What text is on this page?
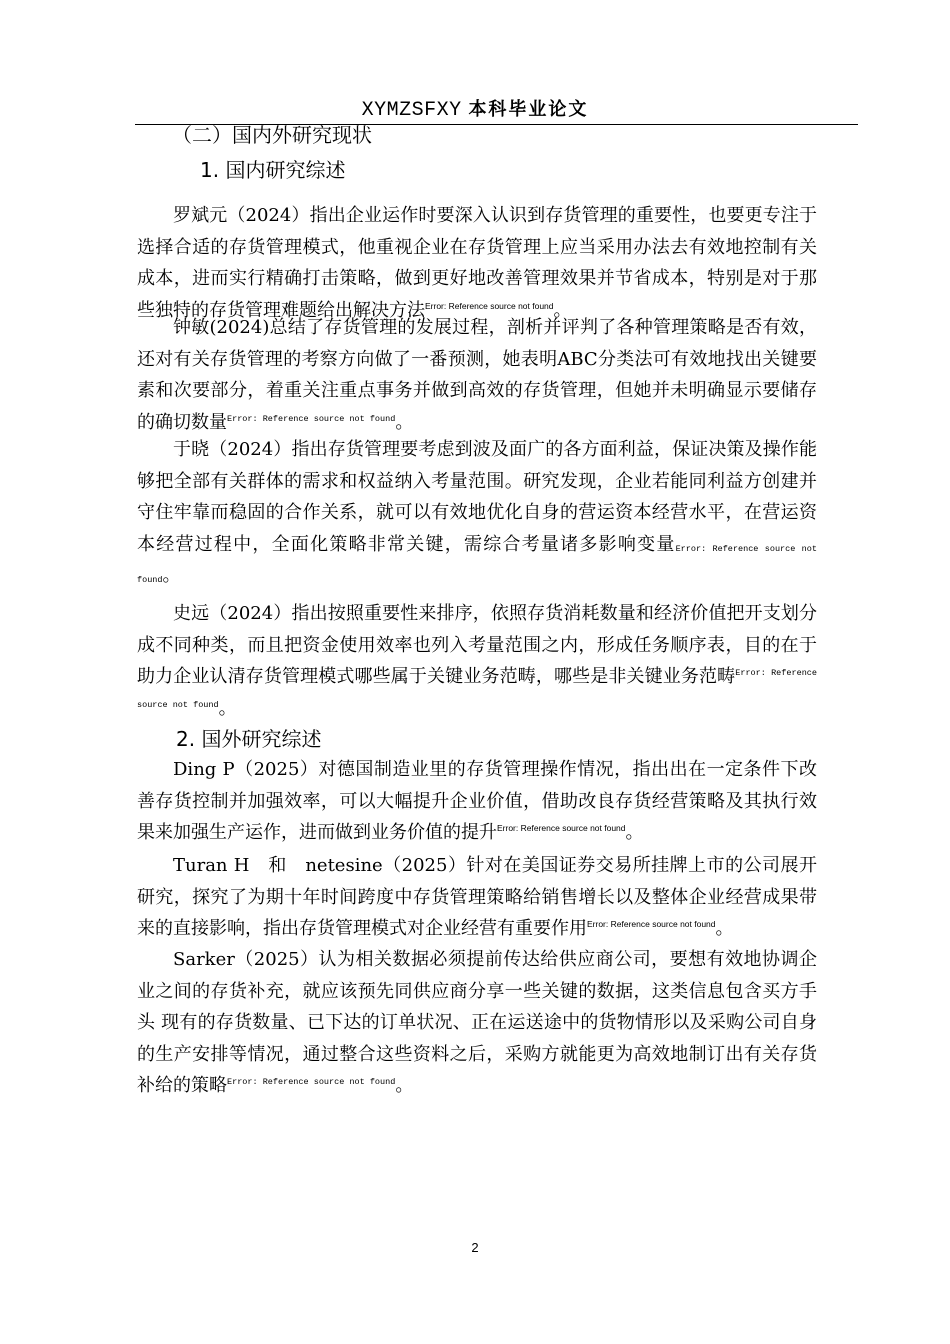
XYMZSFXY 本科毕业论文
（二）国内外研究现状
1. 国内研究综述

罗斌元（2024）指出企业运作时要深入认识到存货管理的重要性，也要更专注于选择合适的存货管理模式，他重视企业在存货管理上应当采用办法去有效地控制有关成本，进而实行精确打击策略，做到更好地改善管理效果并节省成本，特别是对于那些独特的存货管理难题给出解决方法$^{Error: Reference source not found}$。

钟敏(2024)总结了存货管理的发展过程，剖析并评判了各种管理策略是否有效，还对有关存货管理的考察方向做了一番预测，她表明ABC分类法可有效地找出关键要素和次要部分，着重关注重点事务并做到高效的存货管理，但她并未明确显示要储存的确切数量$^{Error: Reference source not found}$。

于晓（2024）指出存货管理要考虑到波及面广的各方面利益，保证决策及操作能够把全部有关群体的需求和权益纳入考量范围。研究发现，企业若能同利益方创建并守住牢靠而稳固的合作关系，就可以有效地优化自身的营运资本经营水平，在营运资本经营过程中，全面化策略非常关键，需综合考量诸多影响变量Error: Reference source not found。

史远（2024）指出按照重要性来排序，依照存货消耗数量和经济价值把开支划分成不同种类，而且把资金使用效率也列入考量范围之内，形成任务顺序表，目的在于助力企业认清存货管理模式哪些属于关键业务范畴，哪些是非关键业务范畴$^{Error: Reference source not found}$。

2. 国外研究综述

Ding P（2025）对德国制造业里的存货管理操作情况，指出出在一定条件下改善存货控制并加强效率，可以大幅提升企业价值，借助改良存货经营策略及其执行效果来加强生产运作，进而做到业务价值的提升$^{Error: Reference source not found}$。

Turan H　和　netesine（2025）针对在美国证券交易所挂牌上市的公司展开研究，探究了为期十年时间跨度中存货管理策略给销售增长以及整体企业经营成果带来的直接影响，指出存货管理模式对企业经营有重要作用$^{Error: Reference source not found}$。

Sarker（2025）认为相关数据必须提前传达给供应商公司，要想有效地协调企业之间的存货补充，就应该预先同供应商分享一些关键的数据，这类信息包含买方手头 现有的存货数量、已下达的订单状况、正在运送途中的货物情形以及采购公司自身的生产安排等情况，通过整合这些资料之后，采购方就能更为高效地制订出有关存货补给的策略$^{Error: Reference source not found}$。

2
